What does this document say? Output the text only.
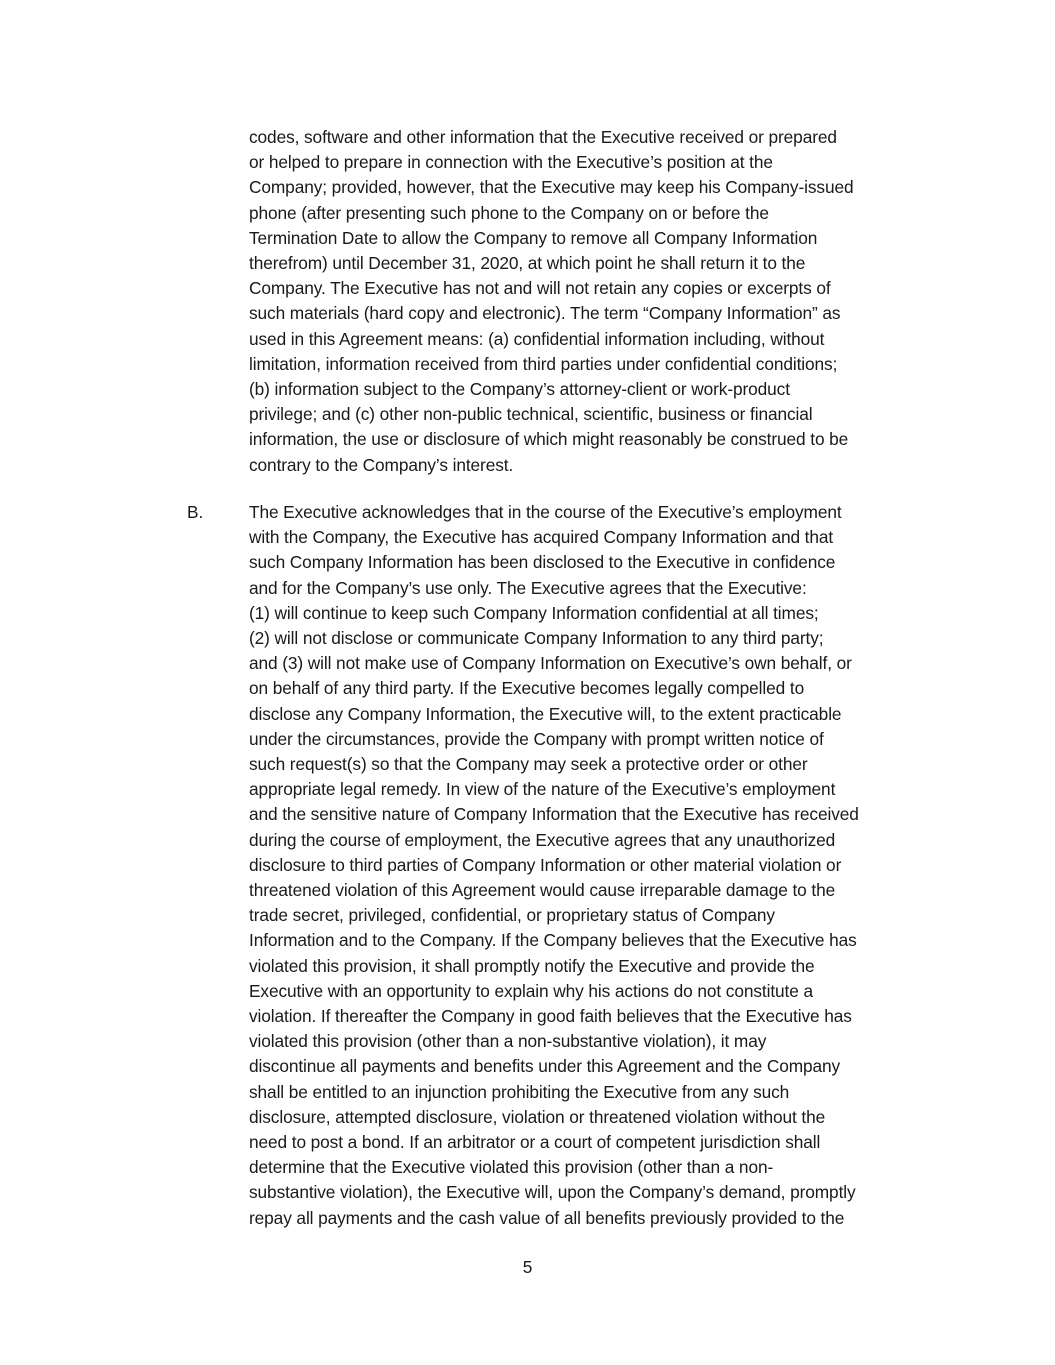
codes, software and other information that the Executive received or prepared
or helped to prepare in connection with the Executive’s position at the
Company; provided, however, that the Executive may keep his Company-issued
phone (after presenting such phone to the Company on or before the
Termination Date to allow the Company to remove all Company Information
therefrom) until December 31, 2020, at which point he shall return it to the
Company. The Executive has not and will not retain any copies or excerpts of
such materials (hard copy and electronic). The term “Company Information” as
used in this Agreement means: (a) confidential information including, without
limitation, information received from third parties under confidential conditions;
(b) information subject to the Company’s attorney-client or work-product
privilege; and (c) other non-public technical, scientific, business or financial
information, the use or disclosure of which might reasonably be construed to be
contrary to the Company’s interest.
B.	The Executive acknowledges that in the course of the Executive’s employment
with the Company, the Executive has acquired Company Information and that
such Company Information has been disclosed to the Executive in confidence
and for the Company’s use only. The Executive agrees that the Executive:
(1) will continue to keep such Company Information confidential at all times;
(2) will not disclose or communicate Company Information to any third party;
and (3) will not make use of Company Information on Executive’s own behalf, or
on behalf of any third party. If the Executive becomes legally compelled to
disclose any Company Information, the Executive will, to the extent practicable
under the circumstances, provide the Company with prompt written notice of
such request(s) so that the Company may seek a protective order or other
appropriate legal remedy. In view of the nature of the Executive’s employment
and the sensitive nature of Company Information that the Executive has received
during the course of employment, the Executive agrees that any unauthorized
disclosure to third parties of Company Information or other material violation or
threatened violation of this Agreement would cause irreparable damage to the
trade secret, privileged, confidential, or proprietary status of Company
Information and to the Company. If the Company believes that the Executive has
violated this provision, it shall promptly notify the Executive and provide the
Executive with an opportunity to explain why his actions do not constitute a
violation. If thereafter the Company in good faith believes that the Executive has
violated this provision (other than a non-substantive violation), it may
discontinue all payments and benefits under this Agreement and the Company
shall be entitled to an injunction prohibiting the Executive from any such
disclosure, attempted disclosure, violation or threatened violation without the
need to post a bond. If an arbitrator or a court of competent jurisdiction shall
determine that the Executive violated this provision (other than a non-
substantive violation), the Executive will, upon the Company’s demand, promptly
repay all payments and the cash value of all benefits previously provided to the
5
